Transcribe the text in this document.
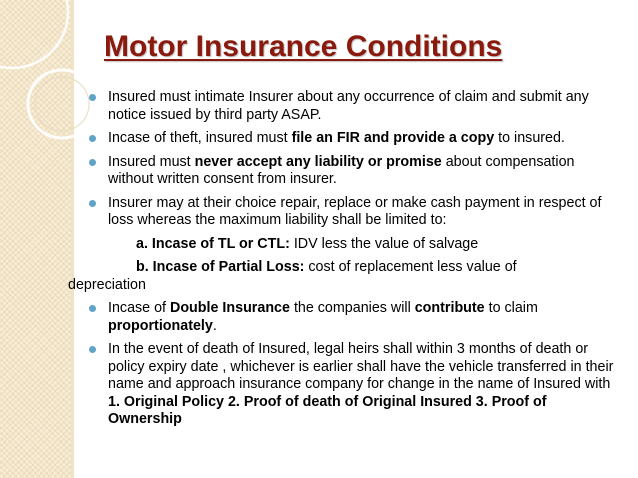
Motor Insurance Conditions
Insured must intimate Insurer about any occurrence of claim and submit any notice issued by third party ASAP.
Incase of theft, insured must file an FIR and provide a copy to insured.
Insured must never accept any liability or promise about compensation without written consent from insurer.
Insurer may at their choice repair, replace or make cash payment in respect of loss whereas the maximum liability shall be limited to:
a. Incase of TL or CTL: IDV less the value of salvage
b. Incase of Partial Loss: cost of replacement less value of
depreciation
Incase of Double Insurance the companies will contribute to claim proportionately.
In the event of death of Insured, legal heirs shall within 3 months of death or policy expiry date , whichever is earlier shall have the vehicle transferred in their name and approach insurance company for change in the name of Insured with 1. Original Policy 2. Proof of death of Original Insured 3. Proof of Ownership
